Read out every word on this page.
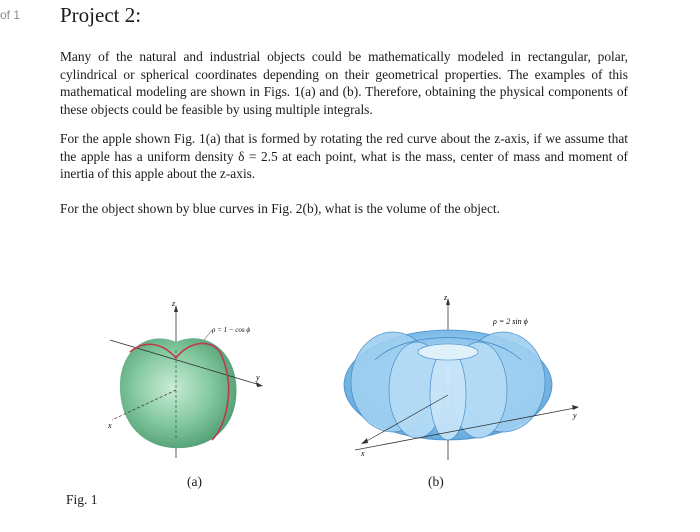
of 1 Project 2:

Many of the natural and industrial objects could be mathematically modeled in rectangular, polar, cylindrical or spherical coordinates depending on their geometrical properties. The examples of this mathematical modeling are shown in Figs. 1(a) and (b). Therefore, obtaining the physical components of these objects could be feasible by using multiple integrals.

For the apple shown Fig. 1(a) that is formed by rotating the red curve about the z-axis, if we assume that the apple has a uniform density δ = 2.5 at each point, what is the mass, center of mass and moment of inertia of this apple about the z-axis.

For the object shown by blue curves in Fig. 2(b), what is the volume of the object.

z
y
x
ρ = 1 − cos ϕ
z
y
x
ρ = 2 sin ϕ
(a)	(b)
Fig. 1
